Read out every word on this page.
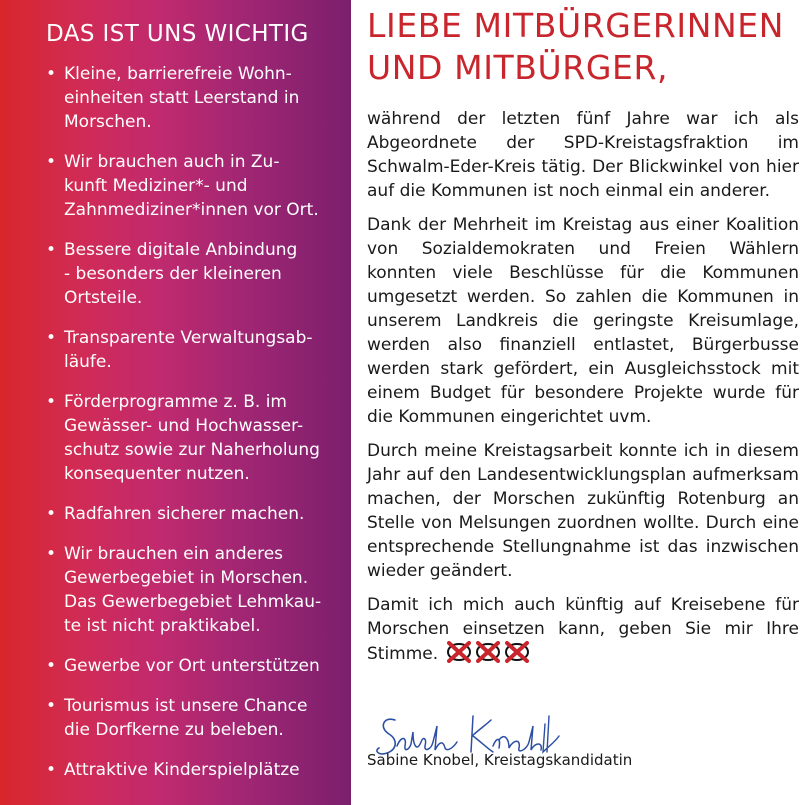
DAS IST UNS WICHTIG
• Kleine, barrierefreie Wohn-
einheiten statt Leerstand in
Morschen.
• Wir brauchen auch in Zu-
kunft Mediziner*- und
Zahnmediziner*innen vor Ort.
• Bessere digitale Anbindung
- besonders der kleineren
Ortsteile.
• Transparente Verwaltungsab-
läufe.
• Förderprogramme z. B. im
Gewässer- und Hochwasser-
schutz sowie zur Naherholung
konsequenter nutzen.
• Radfahren sicherer machen.
• Wir brauchen ein anderes
Gewerbegebiet in Morschen.
Das Gewerbegebiet Lehmkau-
te ist nicht praktikabel.
• Gewerbe vor Ort unterstützen
• Tourismus ist unsere Chance
die Dorfkerne zu beleben.
• Attraktive Kinderspielplätze
LIEBE MITBÜRGERINNEN
UND MITBÜRGER,

während der letzten fünf Jahre war ich als Abgeordnete der SPD-Kreistagsfraktion im Schwalm-Eder-Kreis tätig. Der Blickwinkel von hier auf die Kommunen ist noch einmal ein anderer.

Dank der Mehrheit im Kreistag aus einer Koalition von Sozialdemokraten und Freien Wählern konnten viele Beschlüsse für die Kommunen umgesetzt werden. So zahlen die Kommunen in unserem Landkreis die geringste Kreisumlage, werden also finanziell entlastet, Bürgerbusse werden stark gefördert, ein Ausgleichsstock mit einem Budget für besondere Projekte wurde für die Kommunen eingerichtet uvm.

Durch meine Kreistagsarbeit konnte ich in diesem Jahr auf den Landesentwicklungsplan aufmerksam machen, der Morschen zukünftig Rotenburg an Stelle von Melsungen zuordnen wollte. Durch eine entsprechende Stellungnahme ist das inzwischen wieder geändert.

Damit ich mich auch künftig auf Kreisebene für Morschen einsetzen kann, geben Sie mir Ihre Stimme.

Sabine Knobel, Kreistagskandidatin
